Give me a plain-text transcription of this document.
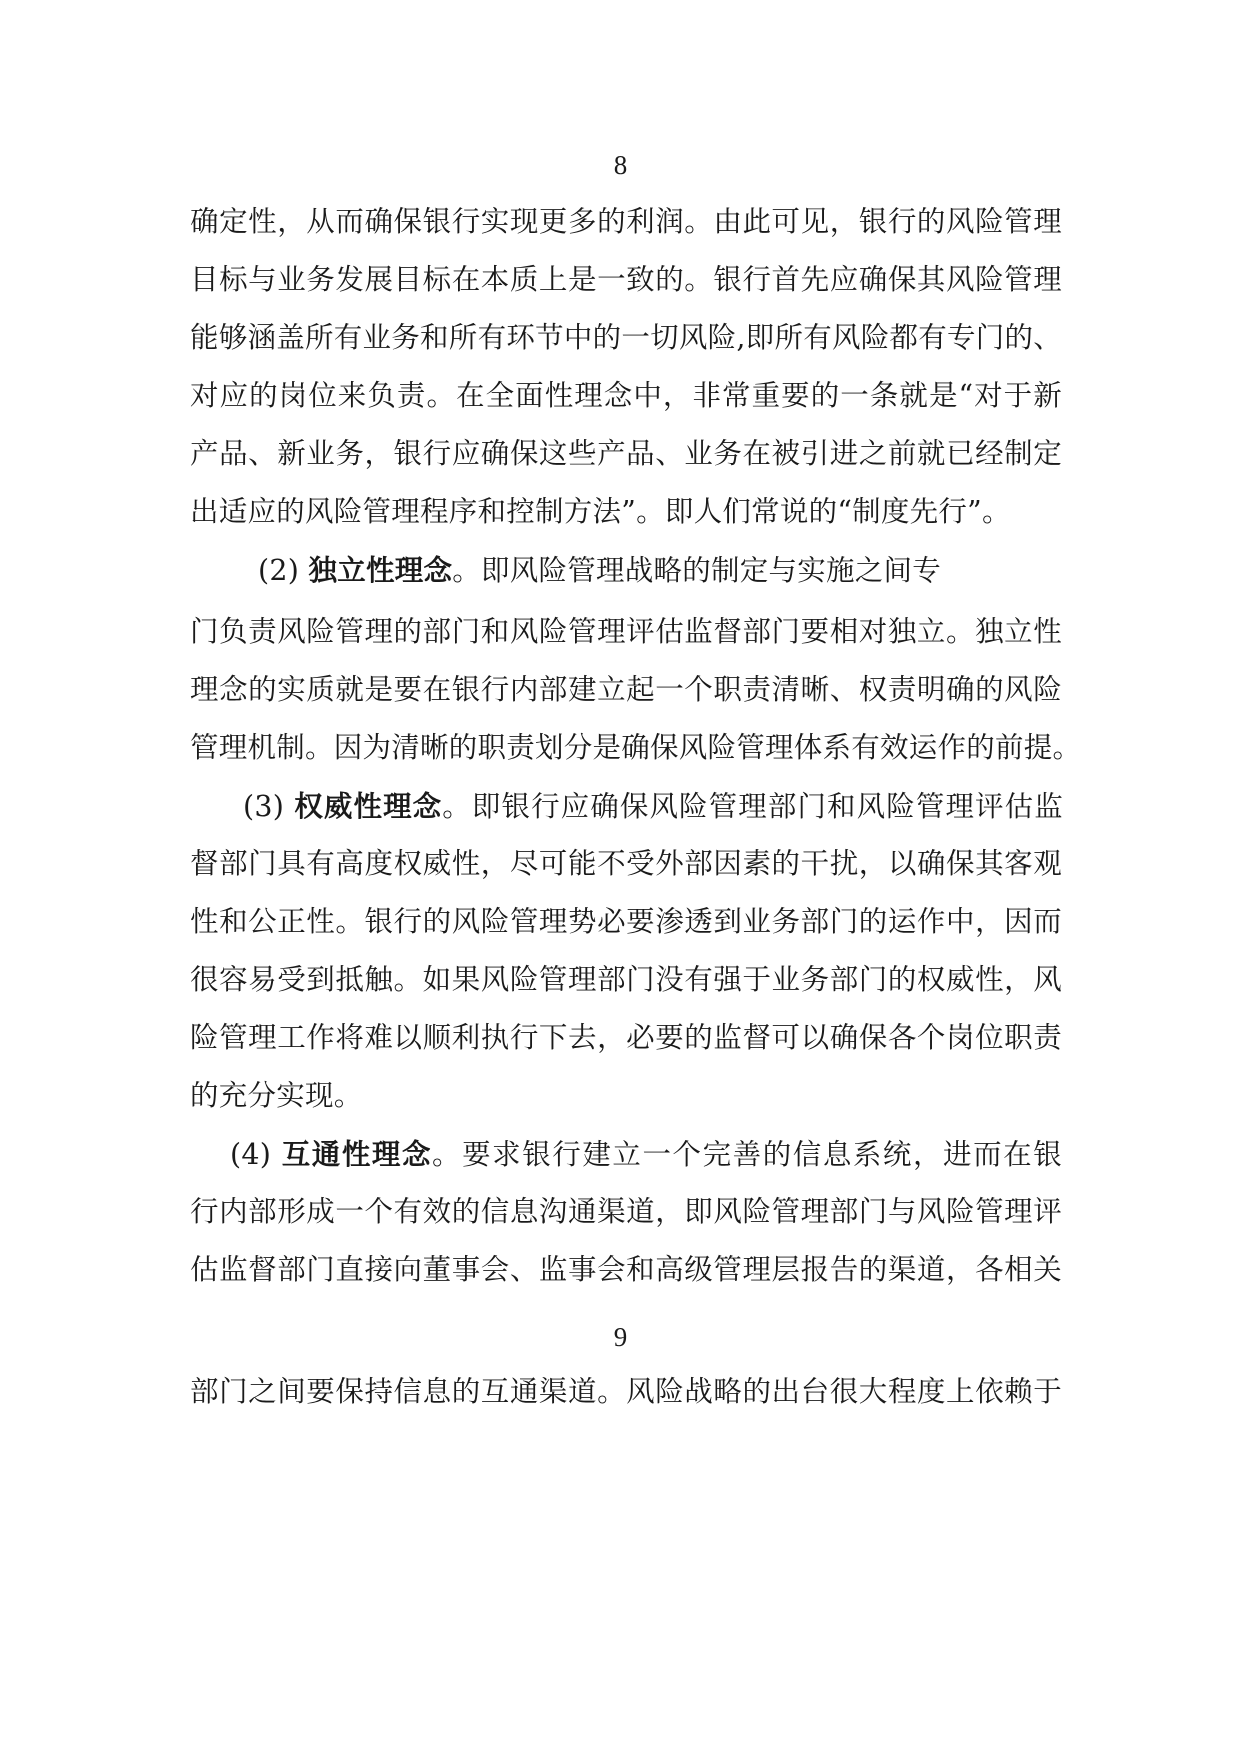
8
确定性，从而确保银行实现更多的利润。由此可见，银行的风险管理
目标与业务发展目标在本质上是一致的。银行首先应确保其风险管理
能够涵盖所有业务和所有环节中的一切风险,即所有风险都有专门的、
对应的岗位来负责。在全面性理念中，非常重要的一条就是“对于新
产品、新业务，银行应确保这些产品、业务在被引进之前就已经制定
出适应的风险管理程序和控制方法”。即人们常说的“制度先行”。
(2) 独立性理念。即风险管理战略的制定与实施之间专
门负责风险管理的部门和风险管理评估监督部门要相对独立。独立性
理念的实质就是要在银行内部建立起一个职责清晰、权责明确的风险
管理机制。因为清晰的职责划分是确保风险管理体系有效运作的前提。
(3) 权威性理念。即银行应确保风险管理部门和风险管理评估监
督部门具有高度权威性，尽可能不受外部因素的干扰，以确保其客观
性和公正性。银行的风险管理势必要渗透到业务部门的运作中，因而
很容易受到抵触。如果风险管理部门没有强于业务部门的权威性，风
险管理工作将难以顺利执行下去，必要的监督可以确保各个岗位职责
的充分实现。
(4) 互通性理念。要求银行建立一个完善的信息系统，进而在银
行内部形成一个有效的信息沟通渠道，即风险管理部门与风险管理评
估监督部门直接向董事会、监事会和高级管理层报告的渠道，各相关
9
部门之间要保持信息的互通渠道。风险战略的出台很大程度上依赖于
